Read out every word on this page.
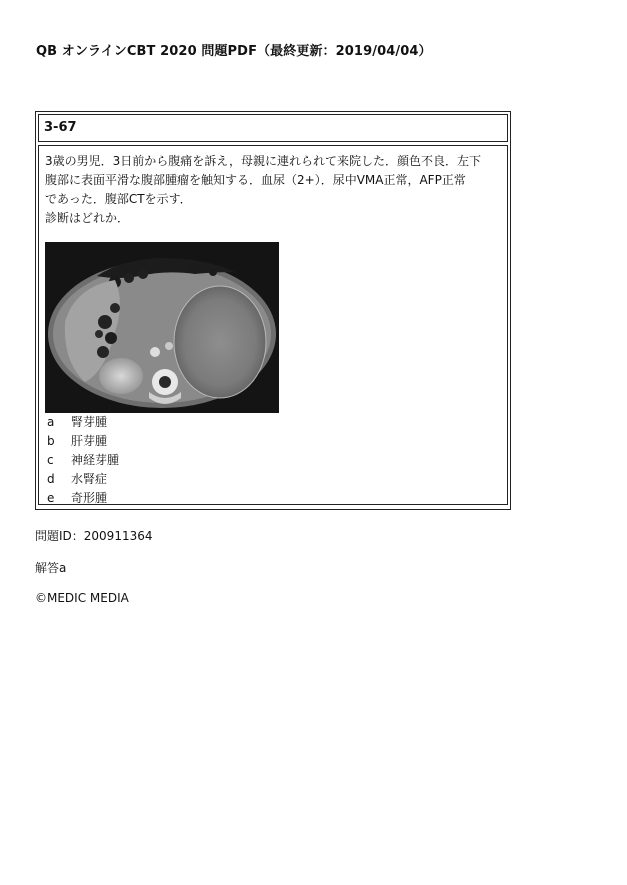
QB オンラインCBT 2020 問題PDF（最終更新：2019/04/04）
3-67
3歳の男児．3日前から腹痛を訴え，母親に連れられて来院した．顔色不良．左下
腹部に表面平滑な腹部腫瘤を触知する．血尿（2+）．尿中VMA正常，AFP正常
であった．腹部CTを示す．
診断はどれか．
a	腎芽腫
b	肝芽腫
c	神経芽腫
d	水腎症
e	奇形腫
問題ID：200911364
解答a
©MEDIC MEDIA
